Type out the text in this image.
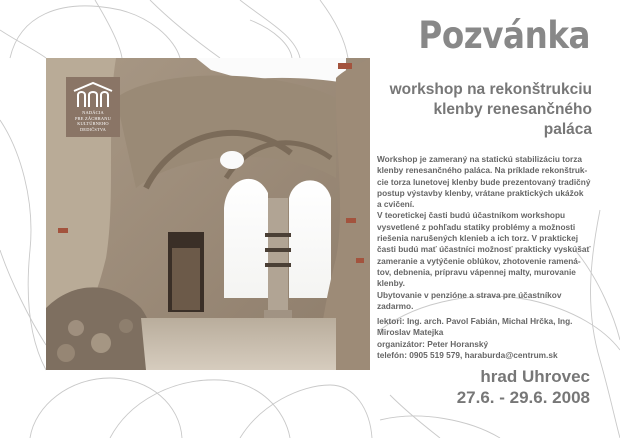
NADÁCIA
PRE ZÁCHRANU
KULTÚRNEHO
DEDIČSTVA
Pozvánka
workshop na rekonštrukciu
klenby renesančného
paláca

Workshop je zameraný na statickú stabilizáciu torza

klenby renesančného paláca. Na príklade rekonštruk-

cie torza lunetovej klenby bude prezentovaný tradičný

postup výstavby klenby, vrátane praktických ukážok

a cvičení.

V teoretickej časti budú účastníkom workshopu

vysvetlené z pohľadu statiky problémy a možnosti

riešenia narušených klenieb a ich torz. V praktickej

časti budú mať účastníci možnosť prakticky vyskúšať

zameranie a vytýčenie oblúkov, zhotovenie ramená-

tov, debnenia, prípravu vápennej malty, murovanie

klenby.

Ubytovanie v penzióne a strava pre účastníkov

zadarmo.

lektori: Ing. arch. Pavol Fabián, Michal Hrčka, Ing.

Miroslav Matejka

organizátor: Peter Horanský

telefón: 0905 519 579, haraburda@centrum.sk

hrad Uhrovec
27.6. - 29.6. 2008
